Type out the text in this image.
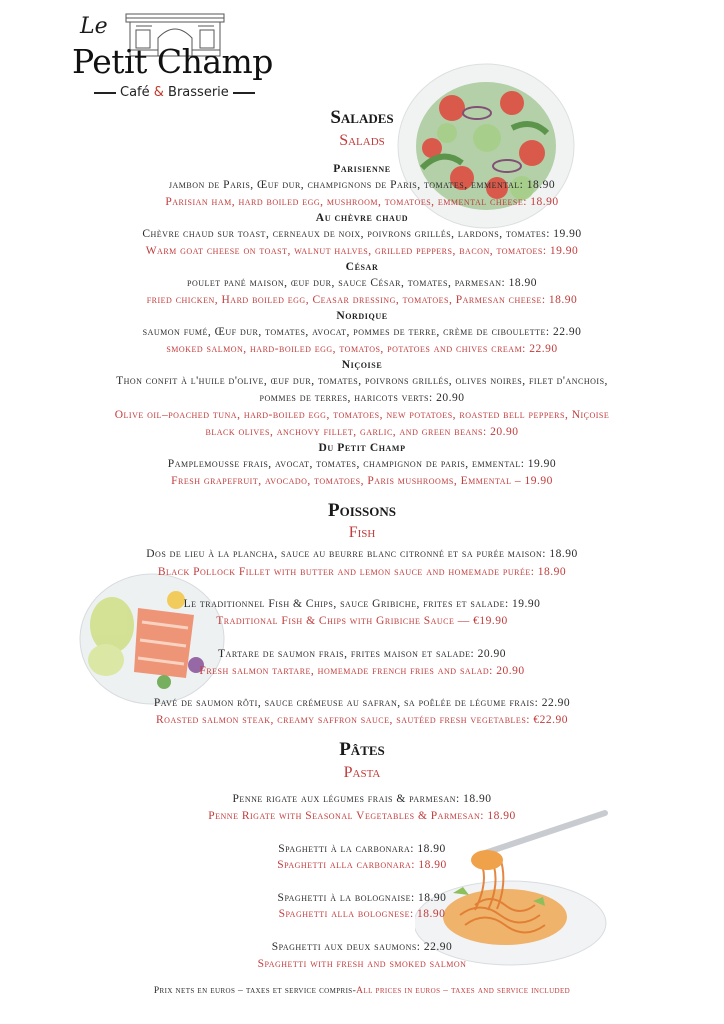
Le
Petit Champ
Café & Brasserie
Salades
Salads
Parisienne
jambon de Paris, Œuf dur, champignons de Paris, tomates, emmental: 18.90
Parisian ham, hard boiled egg, mushroom, tomatoes, emmental cheese: 18.90
Au chèvre chaud
Chèvre chaud sur toast, cerneaux de noix, poivrons grillés, lardons, tomates: 19.90
Warm goat cheese on toast, walnut halves, grilled peppers, bacon, tomatoes: 19.90
César
poulet pané maison, œuf dur, sauce César, tomates, parmesan: 18.90
fried chicken, Hard boiled egg, Ceasar dressing, tomatoes, Parmesan cheese: 18.90
Nordique
saumon fumé, Œuf dur, tomates, avocat, pommes de terre, crème de ciboulette: 22.90
smoked salmon, hard-boiled egg, tomatos, potatoes and chives cream: 22.90
Niçoise
Thon confit à l'huile d'olive, œuf dur, tomates, poivrons grillés, olives noires, filet d'anchois,
pommes de terres, haricots verts: 20.90
Olive oil–poached tuna, hard-boiled egg, tomatoes, new potatoes, roasted bell peppers, Niçoise
black olives, anchovy fillet, garlic, and green beans: 20.90
Du Petit Champ
Pamplemousse frais, avocat, tomates, champignon de paris, emmental: 19.90
Fresh grapefruit, avocado, tomatoes, Paris mushrooms, Emmental – 19.90
Poissons
Fish
Dos de lieu à la plancha, sauce au beurre blanc citronné et sa purée maison: 18.90
Black Pollock Fillet with butter and lemon sauce and homemade purée: 18.90
Le traditionnel Fish & Chips, sauce Gribiche, frites et salade: 19.90
Traditional Fish & Chips with Gribiche Sauce — €19.90
Tartare de saumon frais, frites maison et salade: 20.90
Fresh salmon tartare, homemade french fries and salad: 20.90
Pavé de saumon rôti, sauce crémeuse au safran, sa poêlée de légume frais: 22.90
Roasted salmon steak, creamy saffron sauce, sautéed fresh vegetables: €22.90
Pâtes
Pasta
Penne rigate aux légumes frais & parmesan: 18.90
Penne Rigate with Seasonal Vegetables & Parmesan: 18.90
Spaghetti à la carbonara: 18.90
Spaghetti alla carbonara: 18.90
Spaghetti à la bolognaise: 18.90
Spaghetti alla bolognese: 18.90
Spaghetti aux deux saumons: 22.90
Spaghetti with fresh and smoked salmon
Prix nets en euros – taxes et service compris-All prices in euros – taxes and service included
